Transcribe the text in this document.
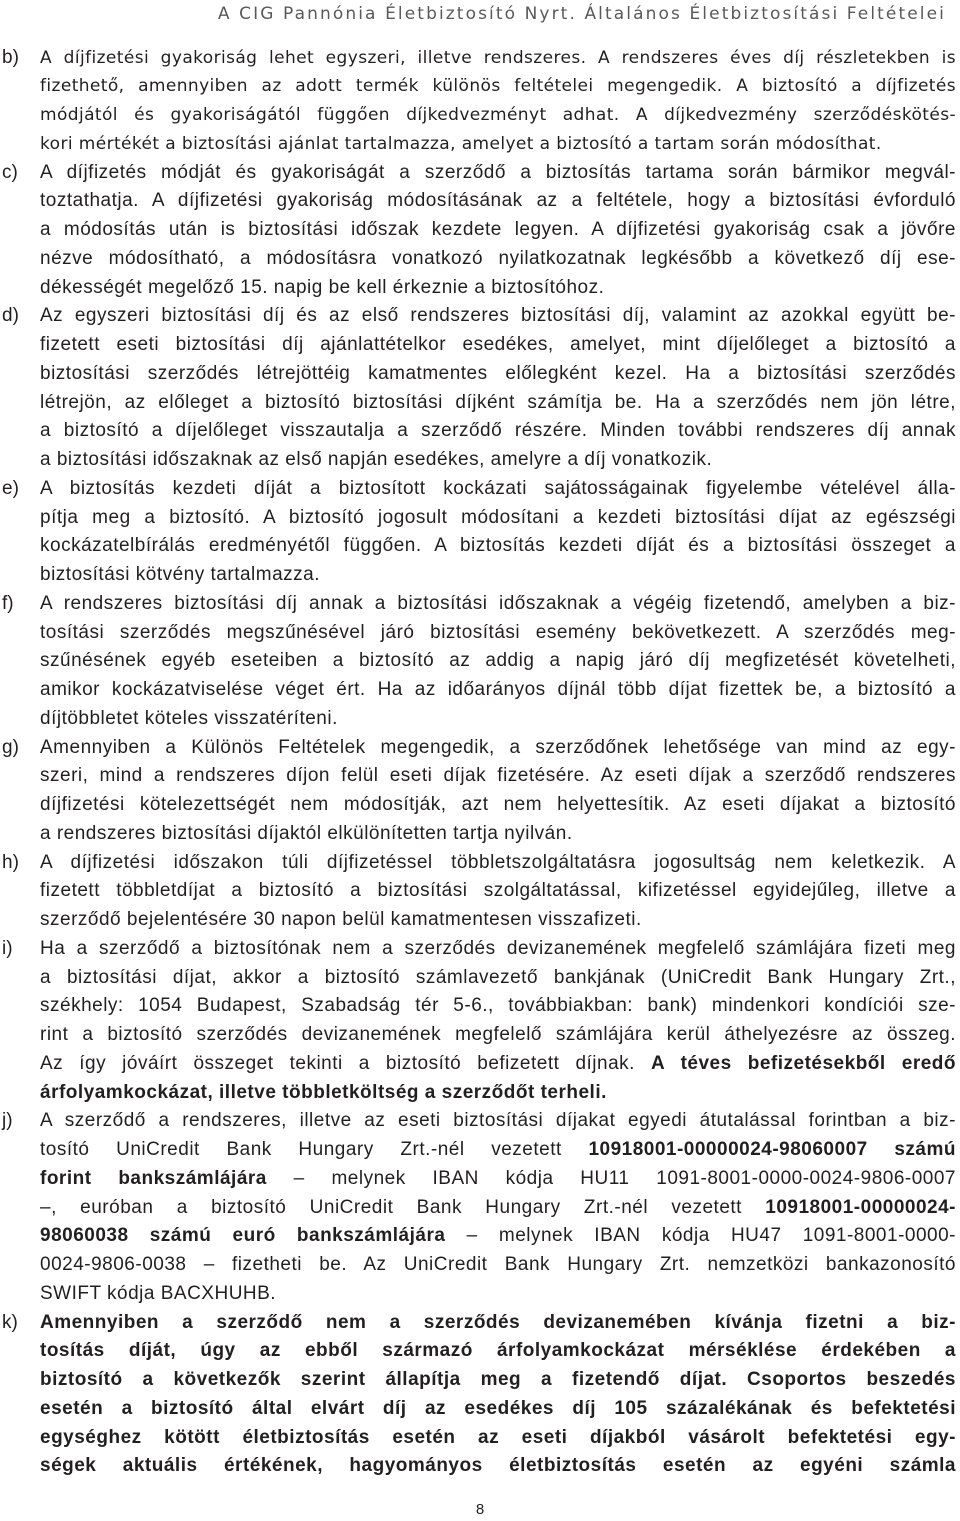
A CIG Pannónia Életbiztosító Nyrt. Általános Életbiztosítási Feltételei
b) A díjfizetési gyakoriság lehet egyszeri, illetve rendszeres. A rendszeres éves díj részletekben is
fizethető, amennyiben az adott termék különös feltételei megengedik. A biztosító a díjfizetés
módjától és gyakoriságától függően díjkedvezményt adhat. A díjkedvezmény szerződéskötés-
kori mértékét a biztosítási ajánlat tartalmazza, amelyet a biztosító a tartam során módosíthat.
c) A díjfizetés módját és gyakoriságát a szerződő a biztosítás tartama során bármikor megvál-
toztathatja. A díjfizetési gyakoriság módosításának az a feltétele, hogy a biztosítási évforduló
a módosítás után is biztosítási időszak kezdete legyen. A díjfizetési gyakoriság csak a jövőre
nézve módosítható, a módosításra vonatkozó nyilatkozatnak legkésőbb a következő díj ese-
dékességét megelőző 15. napig be kell érkeznie a biztosítóhoz.
d) Az egyszeri biztosítási díj és az első rendszeres biztosítási díj, valamint az azokkal együtt be-
fizetett eseti biztosítási díj ajánlattételkor esedékes, amelyet, mint díjelőleget a biztosító a
biztosítási szerződés létrejöttéig kamatmentes előlegként kezel. Ha a biztosítási szerződés
létrejön, az előleget a biztosító biztosítási díjként számítja be. Ha a szerződés nem jön létre,
a biztosító a díjelőleget visszautalja a szerződő részére. Minden további rendszeres díj annak
a biztosítási időszaknak az első napján esedékes, amelyre a díj vonatkozik.
e) A biztosítás kezdeti díját a biztosított kockázati sajátosságainak figyelembe vételével álla-
pítja meg a biztosító. A biztosító jogosult módosítani a kezdeti biztosítási díjat az egészségi
kockázatelbírálás eredményétől függően. A biztosítás kezdeti díját és a biztosítási összeget a
biztosítási kötvény tartalmazza.
f) A rendszeres biztosítási díj annak a biztosítási időszaknak a végéig fizetendő, amelyben a biz-
tosítási szerződés megszűnésével járó biztosítási esemény bekövetkezett. A szerződés meg-
szűnésének egyéb eseteiben a biztosító az addig a napig járó díj megfizetését követelheti,
amikor kockázatviselése véget ért. Ha az időarányos díjnál több díjat fizettek be, a biztosító a
díjtöbbletet köteles visszatéríteni.
g) Amennyiben a Különös Feltételek megengedik, a szerződőnek lehetősége van mind az egy-
szeri, mind a rendszeres díjon felül eseti díjak fizetésére. Az eseti díjak a szerződő rendszeres
díjfizetési kötelezettségét nem módosítják, azt nem helyettesítik. Az eseti díjakat a biztosító
a rendszeres biztosítási díjaktól elkülönítetten tartja nyilván.
h) A díjfizetési időszakon túli díjfizetéssel többletszolgáltatásra jogosultság nem keletkezik. A
fizetett többletdíjat a biztosító a biztosítási szolgáltatással, kifizetéssel egyidejűleg, illetve a
szerződő bejelentésére 30 napon belül kamatmentesen visszafizeti.
i) Ha a szerződő a biztosítónak nem a szerződés devizanemének megfelelő számlájára fizeti meg
a biztosítási díjat, akkor a biztosító számlavezető bankjának (UniCredit Bank Hungary Zrt.,
székhely: 1054 Budapest, Szabadság tér 5-6., továbbiakban: bank) mindenkori kondíciói sze-
rint a biztosító szerződés devizanemének megfelelő számlájára kerül áthelyezésre az összeg.
Az így jóváírt összeget tekinti a biztosító befizetett díjnak. A téves befizetésekből eredő
árfolyamkockázat, illetve többletköltség a szerződőt terheli.
j) A szerződő a rendszeres, illetve az eseti biztosítási díjakat egyedi átutalással forintban a biz-
tosító UniCredit Bank Hungary Zrt.-nél vezetett 10918001-00000024-98060007 számú
forint bankszámlájára – melynek IBAN kódja HU11 1091-8001-0000-0024-9806-0007
–, euróban a biztosító UniCredit Bank Hungary Zrt.-nél vezetett 10918001-00000024-
98060038 számú euró bankszámlájára – melynek IBAN kódja HU47 1091-8001-0000-
0024-9806-0038 – fizetheti be. Az UniCredit Bank Hungary Zrt. nemzetközi bankazonosító
SWIFT kódja BACXHUHB.
k) Amennyiben a szerződő nem a szerződés devizanemében kívánja fizetni a biz-
tosítás díját, úgy az ebből származó árfolyamkockázat mérséklése érdekében a
biztosító a következők szerint állapítja meg a fizetendő díjat. Csoportos beszedés
esetén a biztosító által elvárt díj az esedékes díj 105 százalékának és befektetési
egységhez kötött életbiztosítás esetén az eseti díjakból vásárolt befektetési egy-
ségek aktuális értékének, hagyományos életbiztosítás esetén az egyéni számla
8
